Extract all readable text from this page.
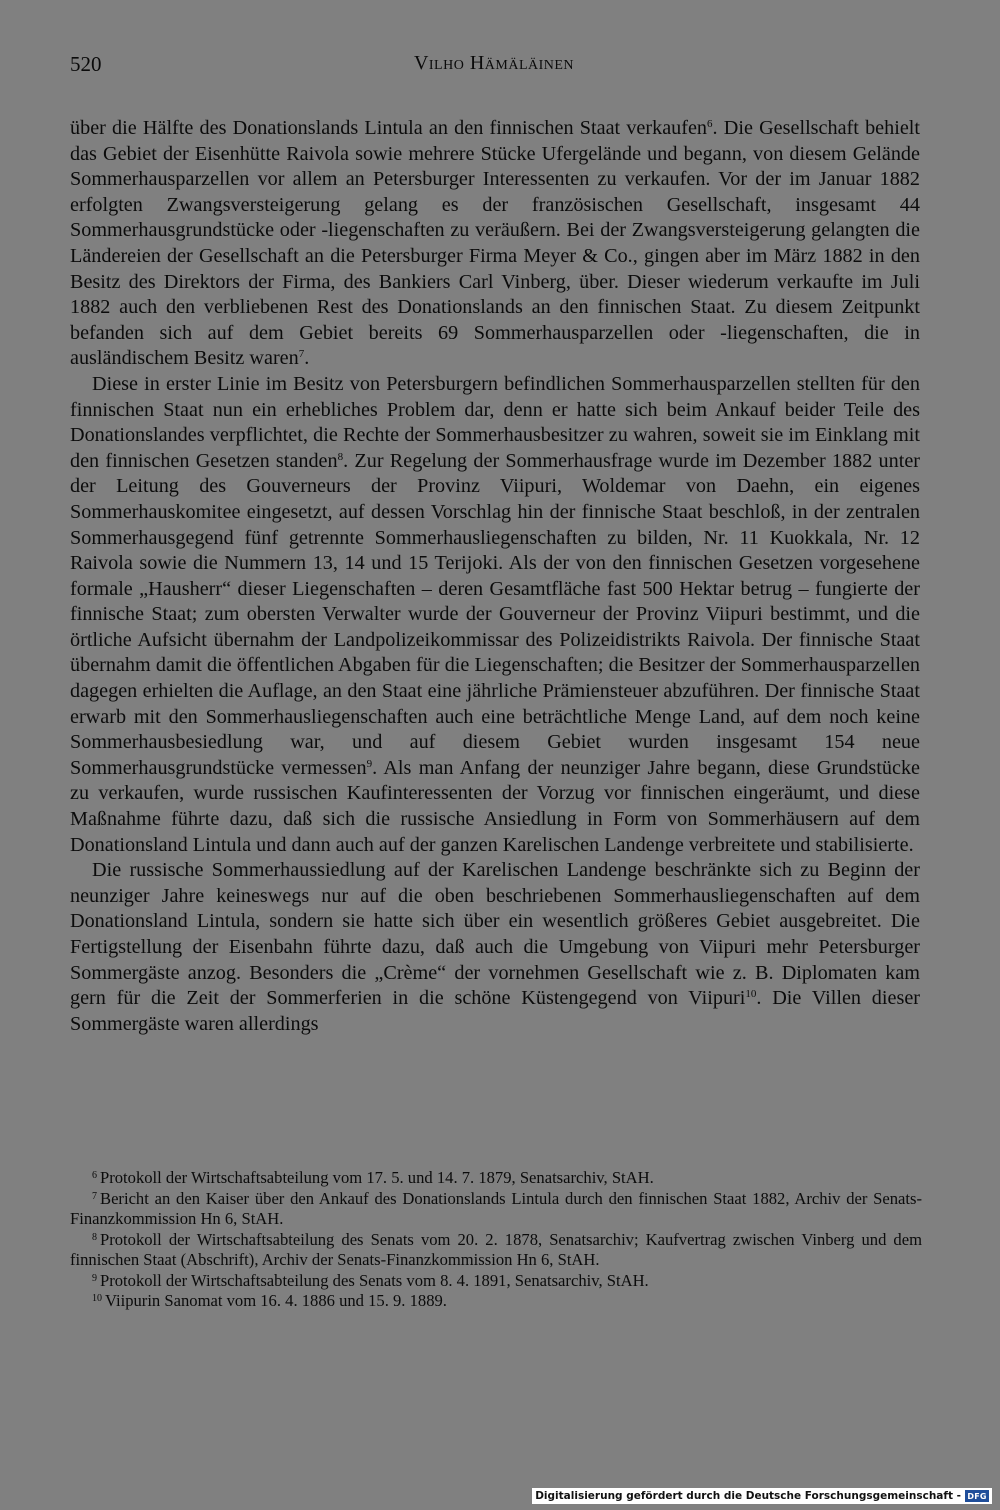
520	Vilho Hämäläinen

über die Hälfte des Donationslands Lintula an den finnischen Staat verkaufen$^6$. Die Gesellschaft behielt das Gebiet der Eisenhütte Raivola sowie mehrere Stücke Ufergelände und begann, von diesem Gelände Sommerhausparzellen vor allem an Petersburger Interessenten zu verkaufen. Vor der im Januar 1882 erfolgten Zwangsversteigerung gelang es der französischen Gesellschaft, insgesamt 44 Sommerhausgrundstücke oder -liegenschaften zu veräußern. Bei der Zwangsversteigerung gelangten die Ländereien der Gesellschaft an die Petersburger Firma Meyer & Co., gingen aber im März 1882 in den Besitz des Direktors der Firma, des Bankiers Carl Vinberg, über. Dieser wiederum verkaufte im Juli 1882 auch den verbliebenen Rest des Donationslands an den finnischen Staat. Zu diesem Zeitpunkt befanden sich auf dem Gebiet bereits 69 Sommerhausparzellen oder -liegenschaften, die in ausländischem Besitz waren$^7$.

Diese in erster Linie im Besitz von Petersburgern befindlichen Sommerhausparzellen stellten für den finnischen Staat nun ein erhebliches Problem dar, denn er hatte sich beim Ankauf beider Teile des Donationslandes verpflichtet, die Rechte der Sommerhausbesitzer zu wahren, soweit sie im Einklang mit den finnischen Gesetzen standen$^8$. Zur Regelung der Sommerhausfrage wurde im Dezember 1882 unter der Leitung des Gouverneurs der Provinz Viipuri, Woldemar von Daehn, ein eigenes Sommerhauskomitee eingesetzt, auf dessen Vorschlag hin der finnische Staat beschloß, in der zentralen Sommerhausgegend fünf getrennte Sommerhausliegenschaften zu bilden, Nr. 11 Kuokkala, Nr. 12 Raivola sowie die Nummern 13, 14 und 15 Terijoki. Als der von den finnischen Gesetzen vorgesehene formale „Hausherr“ dieser Liegenschaften – deren Gesamtfläche fast 500 Hektar betrug – fungierte der finnische Staat; zum obersten Verwalter wurde der Gouverneur der Provinz Viipuri bestimmt, und die örtliche Aufsicht übernahm der Landpolizeikommissar des Polizeidistrikts Raivola. Der finnische Staat übernahm damit die öffentlichen Abgaben für die Liegenschaften; die Besitzer der Sommerhausparzellen dagegen erhielten die Auflage, an den Staat eine jährliche Prämiensteuer abzuführen. Der finnische Staat erwarb mit den Sommerhausliegenschaften auch eine beträchtliche Menge Land, auf dem noch keine Sommerhausbesiedlung war, und auf diesem Gebiet wurden insgesamt 154 neue Sommerhausgrundstücke vermessen$^9$. Als man Anfang der neunziger Jahre begann, diese Grundstücke zu verkaufen, wurde russischen Kaufinteressenten der Vorzug vor finnischen eingeräumt, und diese Maßnahme führte dazu, daß sich die russische Ansiedlung in Form von Sommerhäusern auf dem Donationsland Lintula und dann auch auf der ganzen Karelischen Landenge verbreitete und stabilisierte.

Die russische Sommerhaussiedlung auf der Karelischen Landenge beschränkte sich zu Beginn der neunziger Jahre keineswegs nur auf die oben beschriebenen Sommerhausliegenschaften auf dem Donationsland Lintula, sondern sie hatte sich über ein wesentlich größeres Gebiet ausgebreitet. Die Fertigstellung der Eisenbahn führte dazu, daß auch die Umgebung von Viipuri mehr Petersburger Sommergäste anzog. Besonders die „Crème“ der vornehmen Gesellschaft wie z. B. Diplomaten kam gern für die Zeit der Sommerferien in die schöne Küstengegend von Viipuri$^{10}$. Die Villen dieser Sommergäste waren allerdings

$^6$ Protokoll der Wirtschaftsabteilung vom 17. 5. und 14. 7. 1879, Senatsarchiv, StAH.

$^7$ Bericht an den Kaiser über den Ankauf des Donationslands Lintula durch den finnischen Staat 1882, Archiv der Senats-Finanzkommission Hn 6, StAH.

$^8$ Protokoll der Wirtschaftsabteilung des Senats vom 20. 2. 1878, Senatsarchiv; Kaufvertrag zwischen Vinberg und dem finnischen Staat (Abschrift), Archiv der Senats-Finanzkommission Hn 6, StAH.

$^9$ Protokoll der Wirtschaftsabteilung des Senats vom 8. 4. 1891, Senatsarchiv, StAH.

$^{10}$ Viipurin Sanomat vom 16. 4. 1886 und 15. 9. 1889.

Digitalisierung gefördert durch die Deutsche Forschungsgemeinschaft - DFG
